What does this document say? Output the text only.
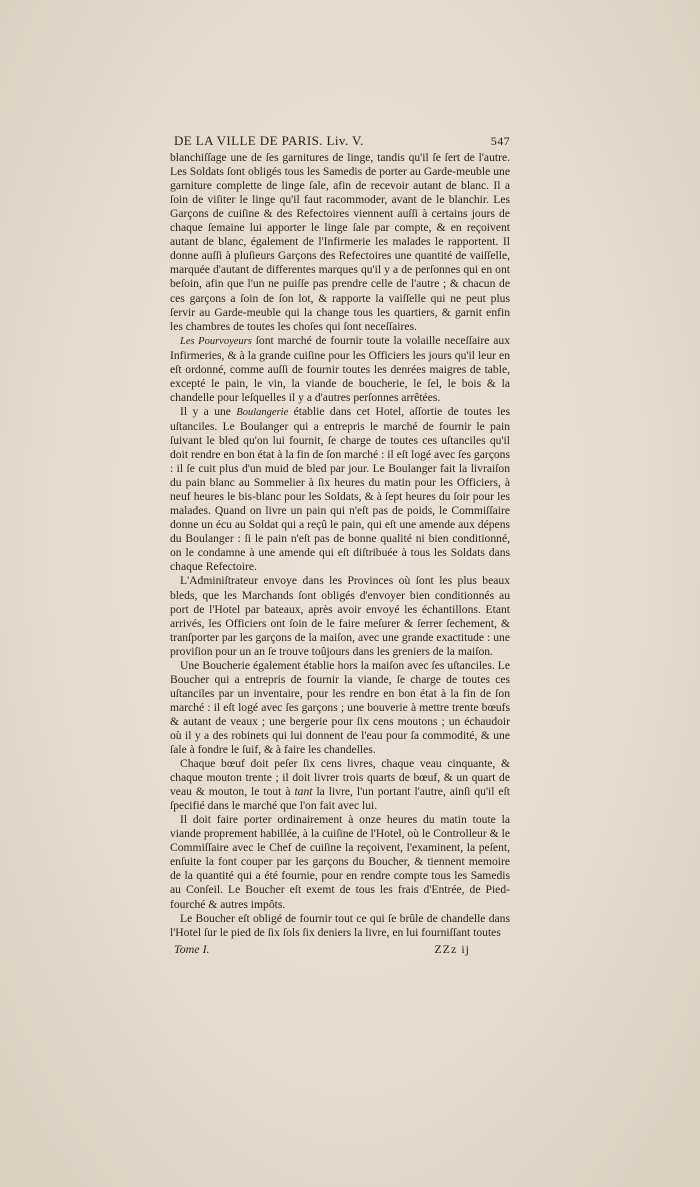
DE LA VILLE DE PARIS. Liv. V.	547

blanchiſſage une de ſes garnitures de linge, tandis qu'il ſe ſert de l'autre. Les Soldats ſont obligés tous les Samedis de porter au Garde-meuble une garniture complette de linge ſale, afin de recevoir autant de blanc. Il a ſoin de viſiter le linge qu'il faut racommoder, avant de le blanchir. Les Garçons de cuiſine & des Refectoires viennent auſſi à certains jours de chaque ſemaine lui apporter le linge ſale par compte, & en reçoivent autant de blanc, également de l'Infirmerie les malades le rapportent. Il donne auſſi à pluſieurs Garçons des Refectoires une quantité de vaiſſelle, marquée d'autant de differentes marques qu'il y a de perſonnes qui en ont beſoin, afin que l'un ne puiſſe pas prendre celle de l'autre ; & chacun de ces garçons a ſoin de ſon lot, & rapporte la vaiſſelle qui ne peut plus ſervir au Garde-meuble qui la change tous les quartiers, & garnit enfin les chambres de toutes les choſes qui ſont neceſſaires.

Les Pourvoyeurs ſont marché de fournir toute la volaille neceſſaire aux Infirmeries, & à la grande cuiſine pour les Officiers les jours qu'il leur en eſt ordonné, comme auſſi de fournir toutes les denrées maigres de table, excepté le pain, le vin, la viande de boucherie, le ſel, le bois & la chandelle pour leſquelles il y a d'autres perſonnes arrêtées.

Il y a une Boulangerie établie dans cet Hotel, aſſortie de toutes les uſtanciles. Le Boulanger qui a entrepris le marché de fournir le pain ſuivant le bled qu'on lui fournit, ſe charge de toutes ces uſtanciles qu'il doit rendre en bon état à la fin de ſon marché : il eſt logé avec ſes garçons : il ſe cuit plus d'un muid de bled par jour. Le Boulanger fait la livraiſon du pain blanc au Sommelier à ſix heures du matin pour les Officiers, à neuf heures le bis-blanc pour les Soldats, & à ſept heures du ſoir pour les malades. Quand on livre un pain qui n'eſt pas de poids, le Commiſſaire donne un écu au Soldat qui a reçû le pain, qui eſt une amende aux dépens du Boulanger : ſi le pain n'eſt pas de bonne qualité ni bien conditionné, on le condamne à une amende qui eſt diſtribuée à tous les Soldats dans chaque Refectoire.

L'Adminiſtrateur envoye dans les Provinces où ſont les plus beaux bleds, que les Marchands ſont obligés d'envoyer bien conditionnés au port de l'Hotel par bateaux, après avoir envoyé les échantillons. Etant arrivés, les Officiers ont ſoin de le faire meſurer & ſerrer ſechement, & tranſporter par les garçons de la maiſon, avec une grande exactitude : une proviſion pour un an ſe trouve toûjours dans les greniers de la maiſon.

Une Boucherie également établie hors la maiſon avec ſes uſtanciles. Le Boucher qui a entrepris de fournir la viande, ſe charge de toutes ces uſtanciles par un inventaire, pour les rendre en bon état à la fin de ſon marché : il eſt logé avec ſes garçons ; une bouverie à mettre trente bœufs & autant de veaux ; une bergerie pour ſix cens moutons ; un échaudoir où il y a des robinets qui lui donnent de l'eau pour ſa commodité, & une ſale à fondre le ſuif, & à faire les chandelles.

Chaque bœuf doit peſer ſix cens livres, chaque veau cinquante, & chaque mouton trente ; il doit livrer trois quarts de bœuf, & un quart de veau & mouton, le tout à tant la livre, l'un portant l'autre, ainſi qu'il eſt ſpecifié dans le marché que l'on fait avec lui.

Il doit faire porter ordinairement à onze heures du matin toute la viande proprement habillée, à la cuiſine de l'Hotel, où le Controlleur & le Commiſſaire avec le Chef de cuiſine la reçoivent, l'examinent, la peſent, enſuite la font couper par les garçons du Boucher, & tiennent memoire de la quantité qui a été fournie, pour en rendre compte tous les Samedis au Conſeil. Le Boucher eſt exemt de tous les frais d'Entrée, de Pied-fourché & autres impôts.

Le Boucher eſt obligé de fournir tout ce qui ſe brûle de chandelle dans l'Hotel ſur le pied de ſix ſols ſix deniers la livre, en lui fourniſſant toutes

Tome I.	ZZz ij
